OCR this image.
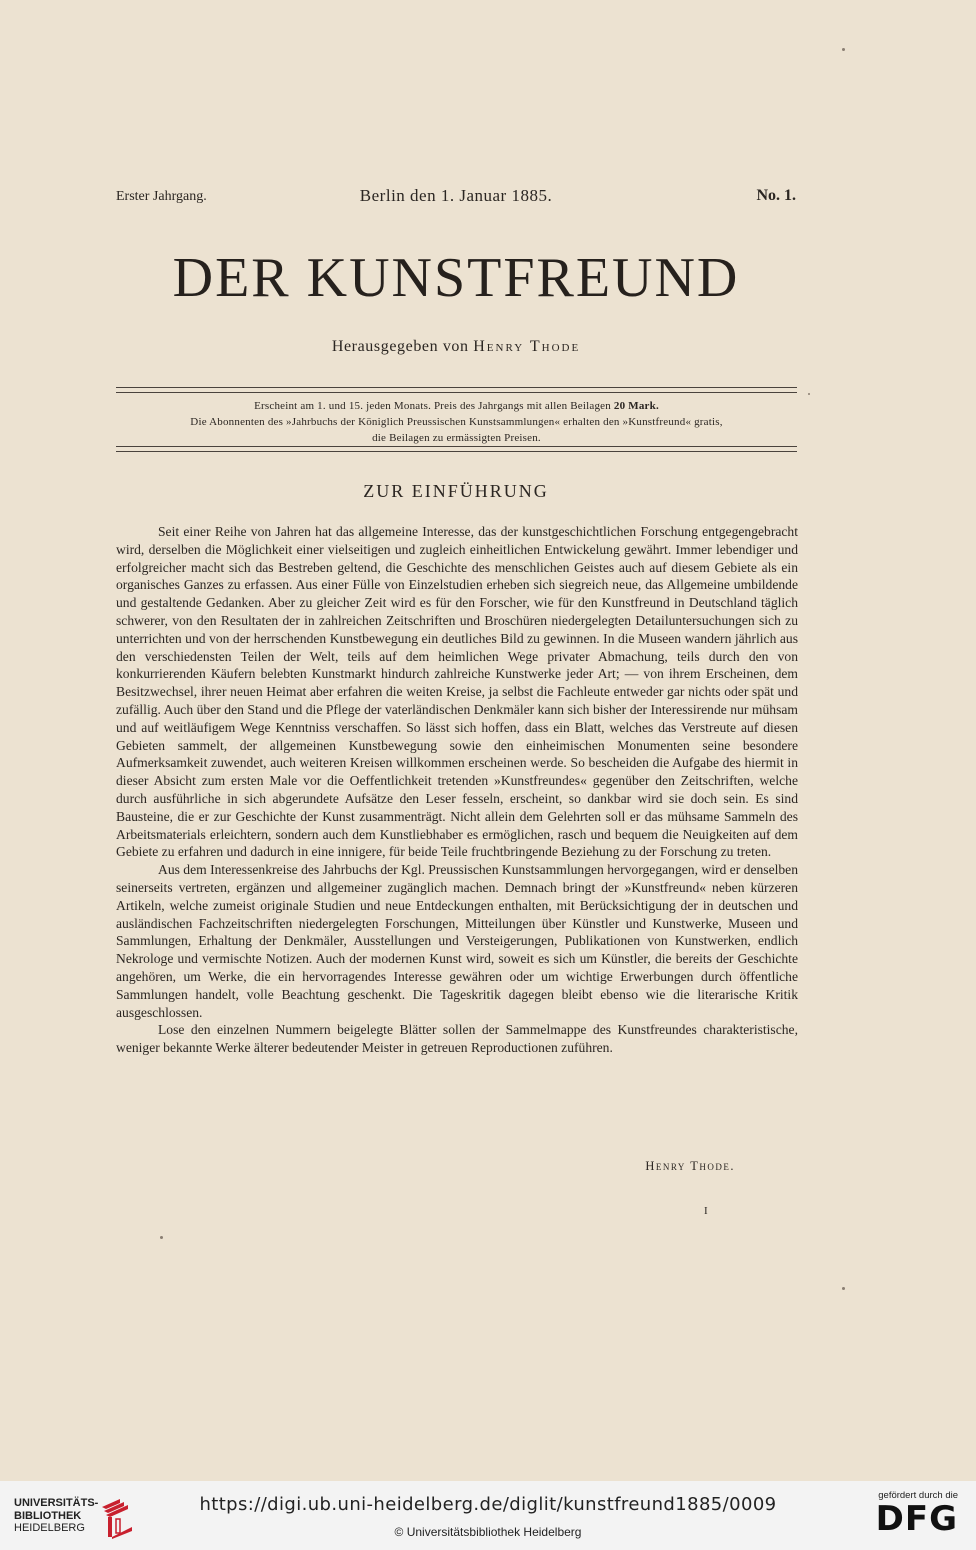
Erster Jahrgang.	Berlin den 1. Januar 1885.	No. 1.
DER KUNSTFREUND
Herausgegeben von Henry Thode
Erscheint am 1. und 15. jeden Monats. Preis des Jahrgangs mit allen Beilagen 20 Mark.
Die Abonnenten des »Jahrbuchs der Königlich Preussischen Kunstsammlungen« erhalten den »Kunstfreund« gratis,
die Beilagen zu ermässigten Preisen.
ZUR EINFÜHRUNG

Seit einer Reihe von Jahren hat das allgemeine Interesse, das der kunstgeschichtlichen Forschung entgegengebracht wird, derselben die Möglichkeit einer vielseitigen und zugleich einheitlichen Entwickelung gewährt. Immer lebendiger und erfolgreicher macht sich das Bestreben geltend, die Geschichte des menschlichen Geistes auch auf diesem Gebiete als ein organisches Ganzes zu erfassen. Aus einer Fülle von Einzelstudien erheben sich siegreich neue, das Allgemeine umbildende und gestaltende Gedanken. Aber zu gleicher Zeit wird es für den Forscher, wie für den Kunstfreund in Deutschland täglich schwerer, von den Resultaten der in zahlreichen Zeitschriften und Broschüren niedergelegten Detailuntersuchungen sich zu unterrichten und von der herrschenden Kunstbewegung ein deutliches Bild zu gewinnen. In die Museen wandern jährlich aus den verschiedensten Teilen der Welt, teils auf dem heimlichen Wege privater Abmachung, teils durch den von konkurrierenden Käufern belebten Kunstmarkt hindurch zahlreiche Kunstwerke jeder Art; — von ihrem Erscheinen, dem Besitzwechsel, ihrer neuen Heimat aber erfahren die weiten Kreise, ja selbst die Fachleute entweder gar nichts oder spät und zufällig. Auch über den Stand und die Pflege der vaterländischen Denkmäler kann sich bisher der Interessirende nur mühsam und auf weitläufigem Wege Kenntniss verschaffen. So lässt sich hoffen, dass ein Blatt, welches das Verstreute auf diesen Gebieten sammelt, der allgemeinen Kunstbewegung sowie den einheimischen Monumenten seine besondere Aufmerksamkeit zuwendet, auch weiteren Kreisen willkommen erscheinen werde. So bescheiden die Aufgabe des hiermit in dieser Absicht zum ersten Male vor die Oeffentlichkeit tretenden »Kunstfreundes« gegenüber den Zeitschriften, welche durch ausführliche in sich abgerundete Aufsätze den Leser fesseln, erscheint, so dankbar wird sie doch sein. Es sind Bausteine, die er zur Geschichte der Kunst zusammenträgt. Nicht allein dem Gelehrten soll er das mühsame Sammeln des Arbeitsmaterials erleichtern, sondern auch dem Kunstliebhaber es ermöglichen, rasch und bequem die Neuigkeiten auf dem Gebiete zu erfahren und dadurch in eine innigere, für beide Teile fruchtbringende Beziehung zu der Forschung zu treten.

Aus dem Interessenkreise des Jahrbuchs der Kgl. Preussischen Kunstsammlungen hervorgegangen, wird er denselben seinerseits vertreten, ergänzen und allgemeiner zugänglich machen. Demnach bringt der »Kunstfreund« neben kürzeren Artikeln, welche zumeist originale Studien und neue Entdeckungen enthalten, mit Berücksichtigung der in deutschen und ausländischen Fachzeitschriften niedergelegten Forschungen, Mitteilungen über Künstler und Kunstwerke, Museen und Sammlungen, Erhaltung der Denkmäler, Ausstellungen und Versteigerungen, Publikationen von Kunstwerken, endlich Nekrologe und vermischte Notizen. Auch der modernen Kunst wird, soweit es sich um Künstler, die bereits der Geschichte angehören, um Werke, die ein hervorragendes Interesse gewähren oder um wichtige Erwerbungen durch öffentliche Sammlungen handelt, volle Beachtung geschenkt. Die Tageskritik dagegen bleibt ebenso wie die literarische Kritik ausgeschlossen.

Lose den einzelnen Nummern beigelegte Blätter sollen der Sammelmappe des Kunstfreundes charakteristische, weniger bekannte Werke älterer bedeutender Meister in getreuen Reproductionen zuführen.

Henry Thode.
I
UNIVERSITÄTS-
BIBLIOTHEK
HEIDELBERG
https://digi.ub.uni-heidelberg.de/diglit/kunstfreund1885/0009
© Universitätsbibliothek Heidelberg
gefördert durch die
DFG
